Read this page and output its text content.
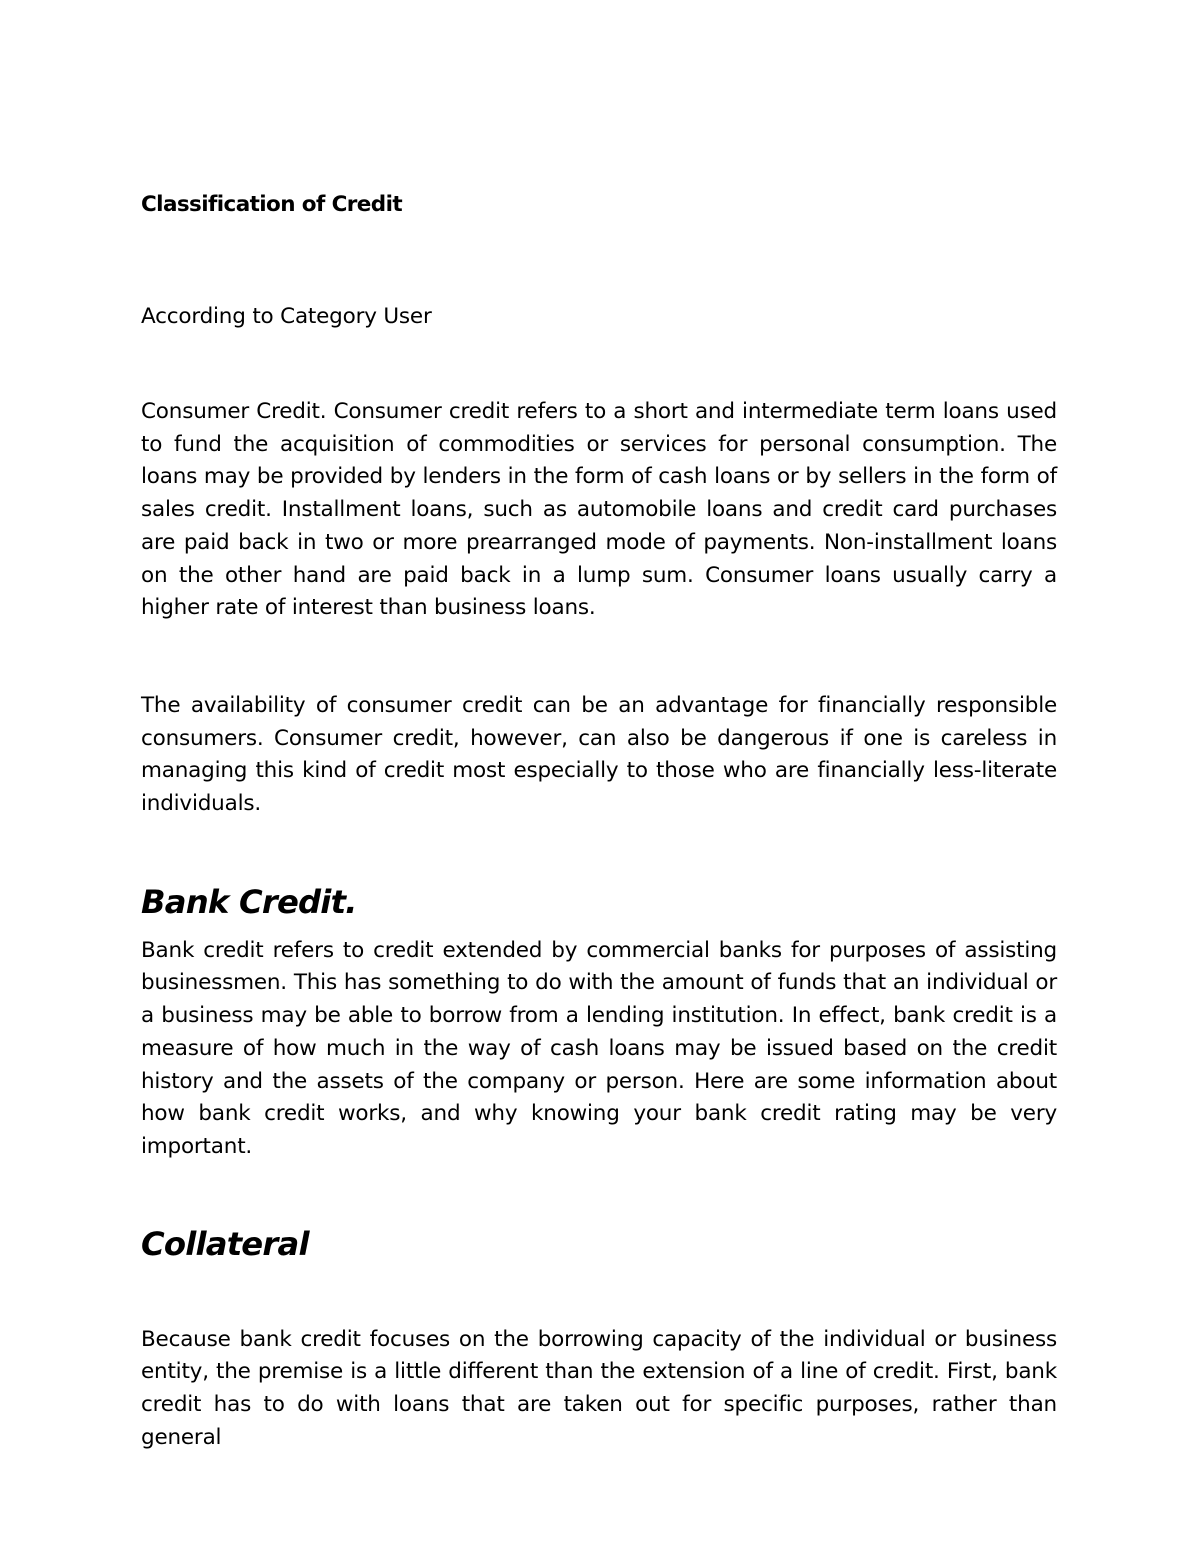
Classification of Credit

According to Category User

Consumer Credit. Consumer credit refers to a short and intermediate term loans used to fund the acquisition of commodities or services for personal consumption. The loans may be provided by lenders in the form of cash loans or by sellers in the form of sales credit. Installment loans, such as automobile loans and credit card purchases are paid back in two or more prearranged mode of payments. Non-installment loans on the other hand are paid back in a lump sum. Consumer loans usually carry a higher rate of interest than business loans.

The availability of consumer credit can be an advantage for financially responsible consumers. Consumer credit, however, can also be dangerous if one is careless in managing this kind of credit most especially to those who are financially less-literate individuals.

Bank Credit.

Bank credit refers to credit extended by commercial banks for purposes of assisting businessmen. This has something to do with the amount of funds that an individual or a business may be able to borrow from a lending institution. In effect, bank credit is a measure of how much in the way of cash loans may be issued based on the credit history and the assets of the company or person. Here are some information about how bank credit works, and why knowing your bank credit rating may be very important.

Collateral

Because bank credit focuses on the borrowing capacity of the individual or business entity, the premise is a little different than the extension of a line of credit. First, bank credit has to do with loans that are taken out for specific purposes, rather than general
